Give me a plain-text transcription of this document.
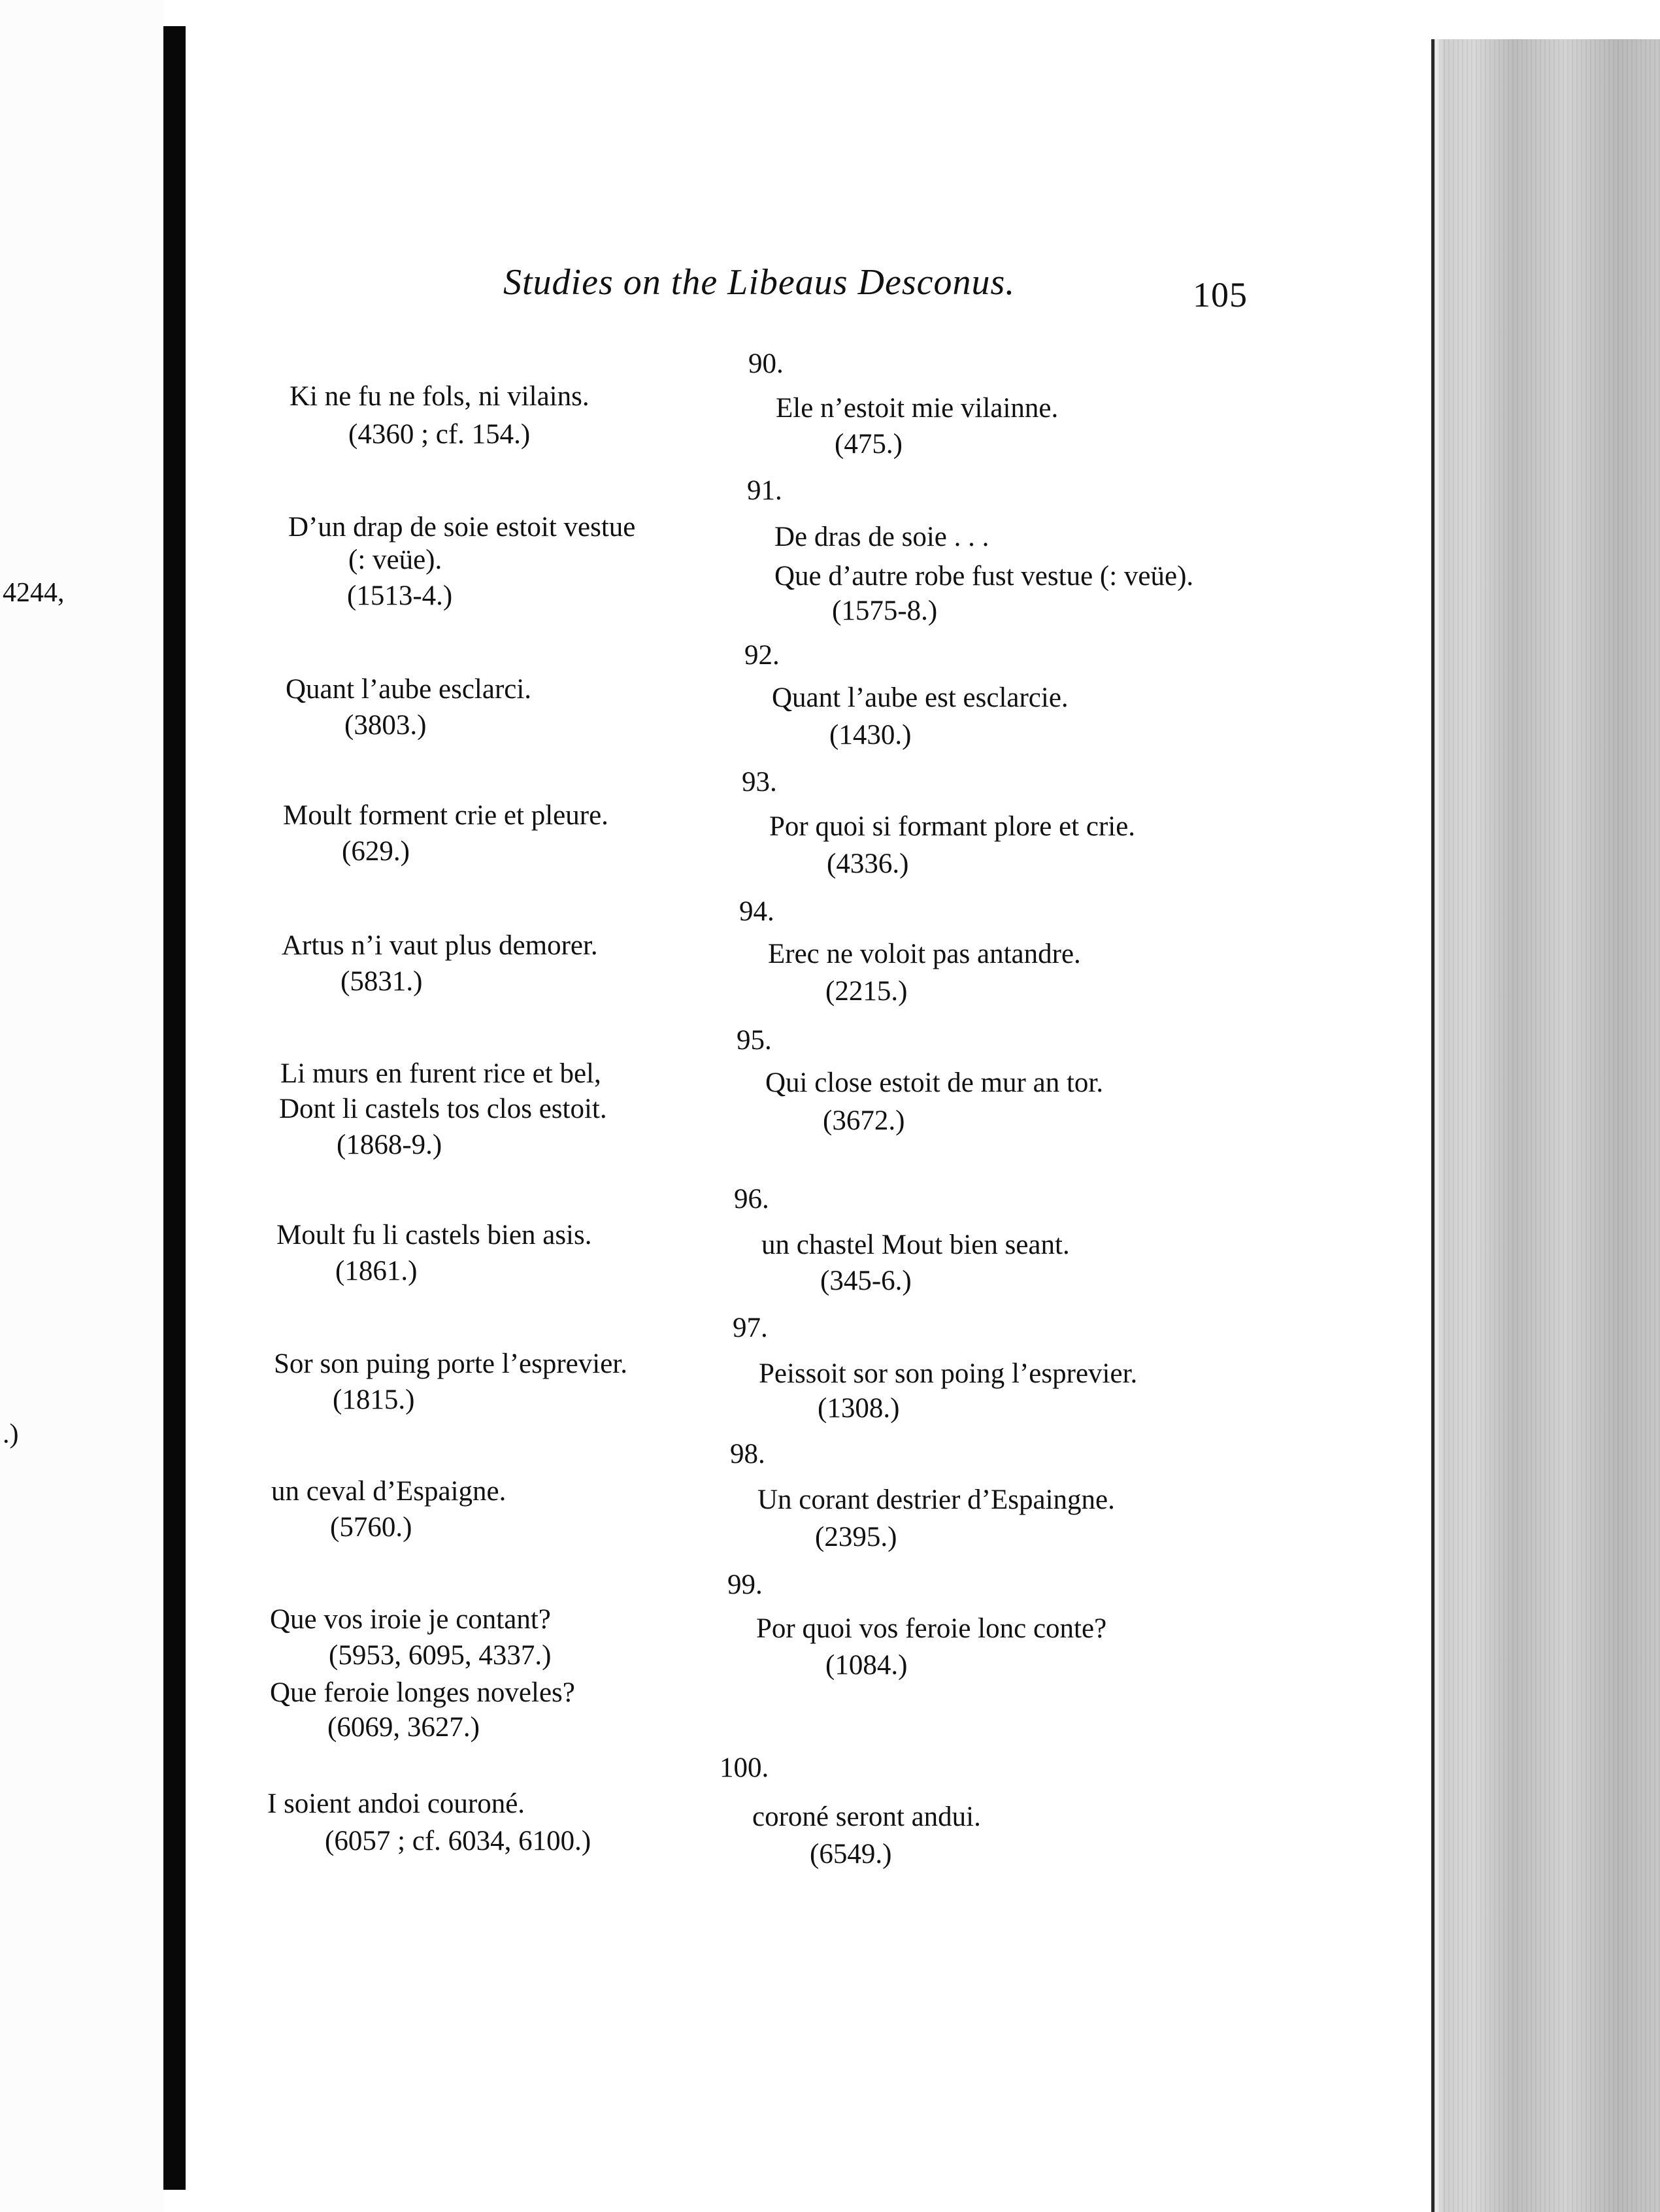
4244,
.)
Studies on the Libeaus Desconus.	105
Ki ne fu ne fols, ni vilains.
(4360 ; cf. 154.)
D’un drap de soie estoit vestue
(: veüe).
(1513-4.)
Quant l’aube esclarci.
(3803.)
Moult forment crie et pleure.
(629.)
Artus n’i vaut plus demorer.
(5831.)
Li murs en furent rice et bel,
Dont li castels tos clos estoit.
(1868-9.)
Moult fu li castels bien asis.
(1861.)
Sor son puing porte l’esprevier.
(1815.)
un ceval d’Espaigne.
(5760.)
Que vos iroie je contant?
(5953, 6095, 4337.)
Que feroie longes noveles?
(6069, 3627.)
I soient andoi couroné.
(6057 ; cf. 6034, 6100.)
90.
Ele n’estoit mie vilainne.
(475.)
91.
De dras de soie . . .
Que d’autre robe fust vestue (: veüe).
(1575-8.)
92.
Quant l’aube est esclarcie.
(1430.)
93.
Por quoi si formant plore et crie.
(4336.)
94.
Erec ne voloit pas antandre.
(2215.)
95.
Qui close estoit de mur an tor.
(3672.)
96.
un chastel Mout bien seant.
(345-6.)
97.
Peissoit sor son poing l’esprevier.
(1308.)
98.
Un corant destrier d’Espaingne.
(2395.)
99.
Por quoi vos feroie lonc conte?
(1084.)
100.
coroné seront andui.
(6549.)
